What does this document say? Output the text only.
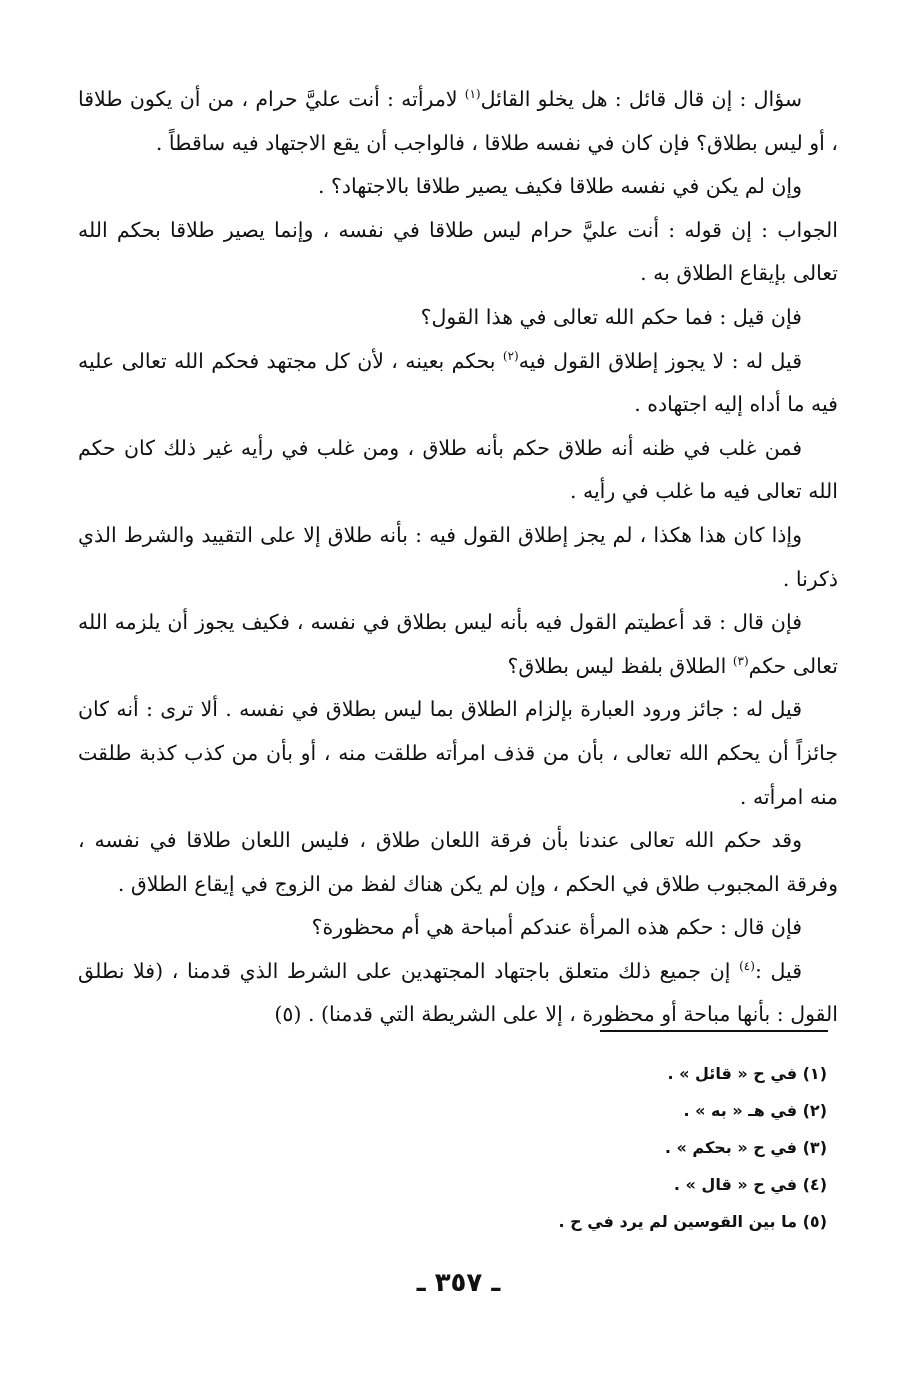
سؤال : إن قال قائل : هل يخلو القائل$^{(١)}$ لامرأته : أنت عليَّ حرام ، من أن يكون طلاقا ، أو ليس بطلاق؟ فإن كان في نفسه طلاقا ، فالواجب أن يقع الاجتهاد فيه ساقطاً .

وإن لم يكن في نفسه طلاقا فكيف يصير طلاقا بالاجتهاد؟ .

الجواب : إن قوله : أنت عليَّ حرام ليس طلاقا في نفسه ، وإنما يصير طلاقا بحكم الله تعالى بإيقاع الطلاق به .

فإن قيل : فما حكم الله تعالى في هذا القول؟

قيل له : لا يجوز إطلاق القول فيه$^{(٢)}$ بحكم بعينه ، لأن كل مجتهد فحكم الله تعالى عليه فيه ما أداه إليه اجتهاده .

فمن غلب في ظنه أنه طلاق حكم بأنه طلاق ، ومن غلب في رأيه غير ذلك كان حكم الله تعالى فيه ما غلب في رأيه .

وإذا كان هذا هكذا ، لم يجز إطلاق القول فيه : بأنه طلاق إلا على التقييد والشرط الذي ذكرنا .

فإن قال : قد أعطيتم القول فيه بأنه ليس بطلاق في نفسه ، فكيف يجوز أن يلزمه الله تعالى حكم$^{(٣)}$ الطلاق بلفظ ليس بطلاق؟

قيل له : جائز ورود العبارة بإلزام الطلاق بما ليس بطلاق في نفسه . ألا ترى : أنه كان جائزاً أن يحكم الله تعالى ، بأن من قذف امرأته طلقت منه ، أو بأن من كذب كذبة طلقت منه امرأته .

وقد حكم الله تعالى عندنا بأن فرقة اللعان طلاق ، فليس اللعان طلاقا في نفسه ، وفرقة المجبوب طلاق في الحكم ، وإن لم يكن هناك لفظ من الزوج في إيقاع الطلاق .

فإن قال : حكم هذه المرأة عندكم أمباحة هي أم محظورة؟

قيل :$^{(٤)}$ إن جميع ذلك متعلق باجتهاد المجتهدين على الشرط الذي قدمنا ، (فلا نطلق القول : بأنها مباحة أو محظورة ، إلا على الشريطة التي قدمنا) . (٥)

(١) في ح « قائل » .
(٢) في هـ « به » .
(٣) في ح « بحكم » .
(٤) في ح « قال » .
(٥) ما بين القوسين لم يرد في ح .
ـ ٣٥٧ ـ
